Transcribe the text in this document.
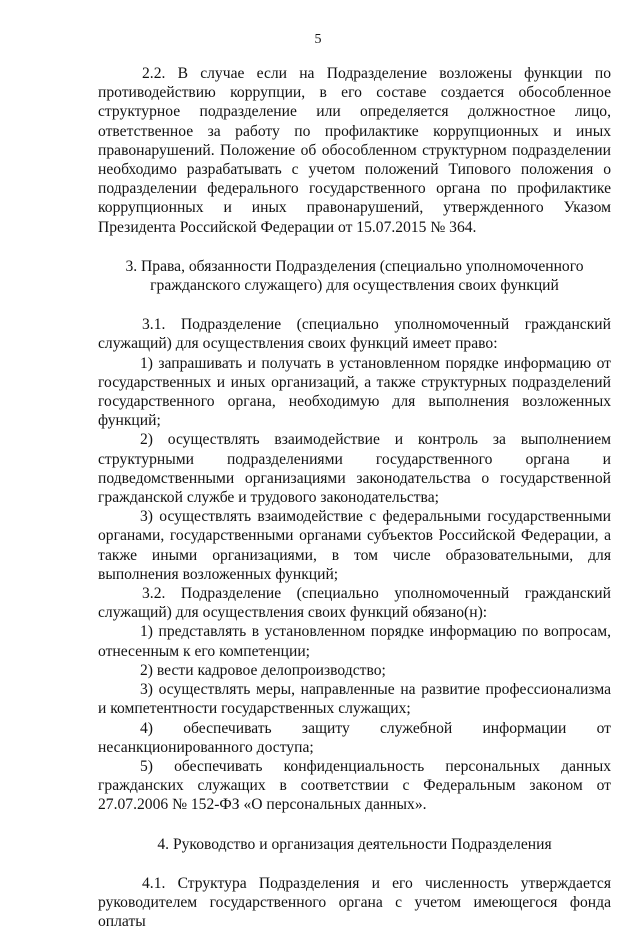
5

2.2. В случае если на Подразделение возложены функции по противодействию коррупции, в его составе создается обособленное структурное подразделение или определяется должностное лицо, ответственное за работу по профилактике коррупционных и иных правонарушений. Положение об обособленном структурном подразделении необходимо разрабатывать с учетом положений Типового положения о подразделении федерального государственного органа по профилактике коррупционных и иных правонарушений, утвержденного Указом Президента Российской Федерации от 15.07.2015 № 364.

3. Права, обязанности Подразделения (специально уполномоченного

гражданского служащего) для осуществления своих функций

3.1. Подразделение (специально уполномоченный гражданский служащий) для осуществления своих функций имеет право:

1) запрашивать и получать в установленном порядке информацию от государственных и иных организаций, а также структурных подразделений государственного органа, необходимую для выполнения возложенных функций;

2) осуществлять взаимодействие и контроль за выполнением структурными подразделениями государственного органа и подведомственными организациями законодательства о государственной гражданской службе и трудового законодательства;

3) осуществлять взаимодействие с федеральными государственными органами, государственными органами субъектов Российской Федерации, а также иными организациями, в том числе образовательными, для выполнения возложенных функций;

3.2. Подразделение (специально уполномоченный гражданский служащий) для осуществления своих функций обязано(н):

1) представлять в установленном порядке информацию по вопросам, отнесенным к его компетенции;

2) вести кадровое делопроизводство;

3) осуществлять меры, направленные на развитие профессионализма и компетентности государственных служащих;

4) обеспечивать защиту служебной информации от несанкционированного доступа;

5) обеспечивать конфиденциальность персональных данных гражданских служащих в соответствии с Федеральным законом от 27.07.2006 № 152-ФЗ «О персональных данных».

4. Руководство и организация деятельности Подразделения

4.1. Структура Подразделения и его численность утверждается руководителем государственного органа с учетом имеющегося фонда оплаты
